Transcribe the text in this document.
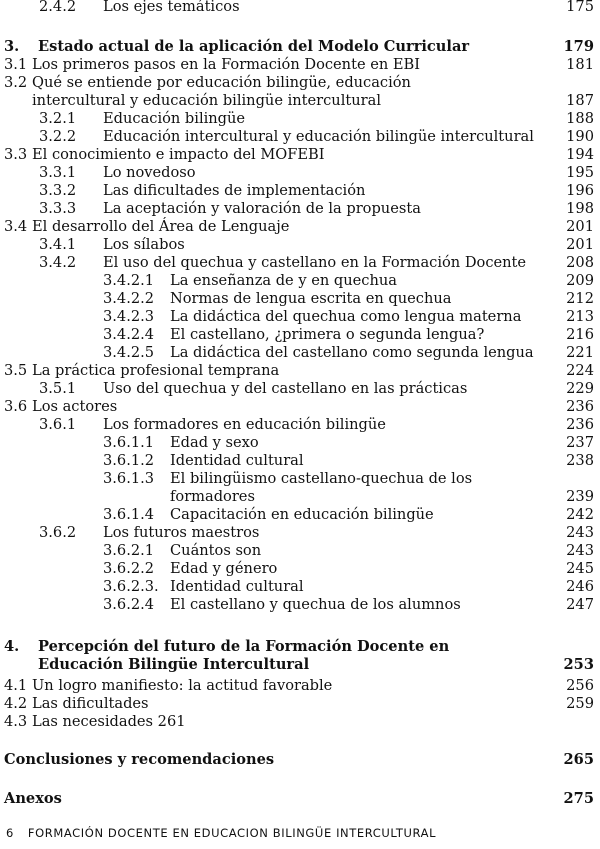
2.4.2 Los ejes temáticos	175
3. Estado actual de la aplicación del Modelo Curricular	179
3.1 Los primeros pasos en la Formación Docente en EBI	181
3.2 Qué se entiende por educación bilingüe, educación
intercultural y educación bilingüe intercultural	187
3.2.1 Educación bilingüe	188
3.2.2 Educación intercultural y educación bilingüe intercultural 190
3.3 El conocimiento e impacto del MOFEBI	194
3.3.1 Lo novedoso	195
3.3.2 Las dificultades de implementación	196
3.3.3 La aceptación y valoración de la propuesta	198
3.4 El desarrollo del Área de Lenguaje	201
3.4.1 Los sílabos	201
3.4.2 El uso del quechua y castellano en la Formación Docente	208
3.4.2.1 La enseñanza de y en quechua	209
3.4.2.2 Normas de lengua escrita en quechua	212
3.4.2.3 La didáctica del quechua como lengua materna	213
3.4.2.4 El castellano, ¿primera o segunda lengua?	216
3.4.2.5 La didáctica del castellano como segunda lengua 221
3.5 La práctica profesional temprana	224
3.5.1 Uso del quechua y del castellano en las prácticas	229
3.6 Los actores	236
3.6.1 Los formadores en educación bilingüe	236
3.6.1.1 Edad y sexo	237
3.6.1.2 Identidad cultural	238
3.6.1.3 El bilingüismo castellano-quechua de los
formadores	239
3.6.1.4 Capacitación en educación bilingüe	242
3.6.2 Los futuros maestros	243
3.6.2.1 Cuántos son	243
3.6.2.2 Edad y género	245
3.6.2.3. Identidad cultural	246
3.6.2.4 El castellano y quechua de los alumnos	247
4. Percepción del futuro de la Formación Docente en
Educación Bilingüe Intercultural	253
4.1 Un logro manifiesto: la actitud favorable	256
4.2 Las dificultades	259
4.3 Las necesidades 261
Conclusiones y recomendaciones	265
Anexos	275
6 FORMACIÓN DOCENTE EN EDUCACION BILINGÜE INTERCULTURAL
